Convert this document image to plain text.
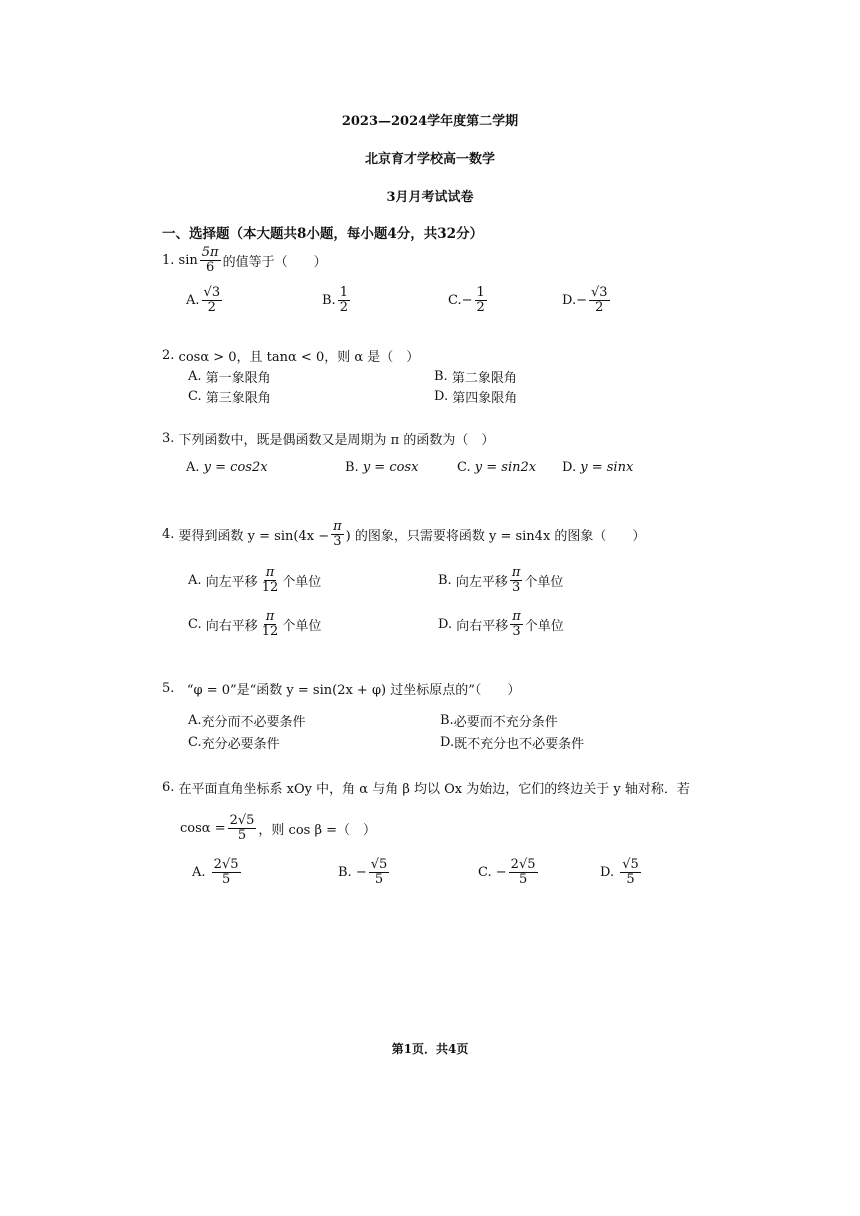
2023—2024学年度第二学期
北京育才学校高一数学
3月月考试试卷
一、选择题（本大题共8小题，每小题4分，共32分）
1.
$\sin \frac{5\pi}{6}$ 的值等于（　　）
A. $\frac{√3}{2}$	B. $\frac{1}{2}$	C. − $\frac{1}{2}$	D. − $\frac{√3}{2}$
2.
cosα > 0，且 tanα < 0，则 α 是（　）
A.
第一象限角	B.
第二象限角
C.
第三象限角	D.
第四象限角
3.
下列函数中，既是偶函数又是周期为 π 的函数为（　）
A.
y = cos2x	B.
y = cosx	C.
y = sin2x D.
y = sinx
4.
要得到函数 $y = \sin(4x - \frac{\pi}{3}$ ) 的图象，只需要将函数 y = sin4x 的图象（　　）
A.
向左平移 $\frac{\pi}{12}$ 个单位	B.
向左平移 $\frac{\pi}{3}$ 个单位
C.
向右平移 $\frac{\pi}{12}$ 个单位	D.
向右平移 $\frac{\pi}{3}$ 个单位
5.
“φ = 0”是“函数 y = sin(2x + φ) 过坐标原点的”（　　）
A. 充分而不必要条件	B. 必要而不充分条件
C. 充分必要条件	D. 既不充分也不必要条件
6.
在平面直角坐标系 xOy 中，角 α 与角 β 均以 Ox 为始边，它们的终边关于 y 轴对称．若
$\cos\alpha = \frac{2√5}{5}$ ，则 cos β =（　）
A.
$\frac{2√5}{5}$	B.
− $\frac{√5}{5}$	C.
− $\frac{2√5}{5}$	D.
$\frac{√5}{5}$
第1页．共4页
